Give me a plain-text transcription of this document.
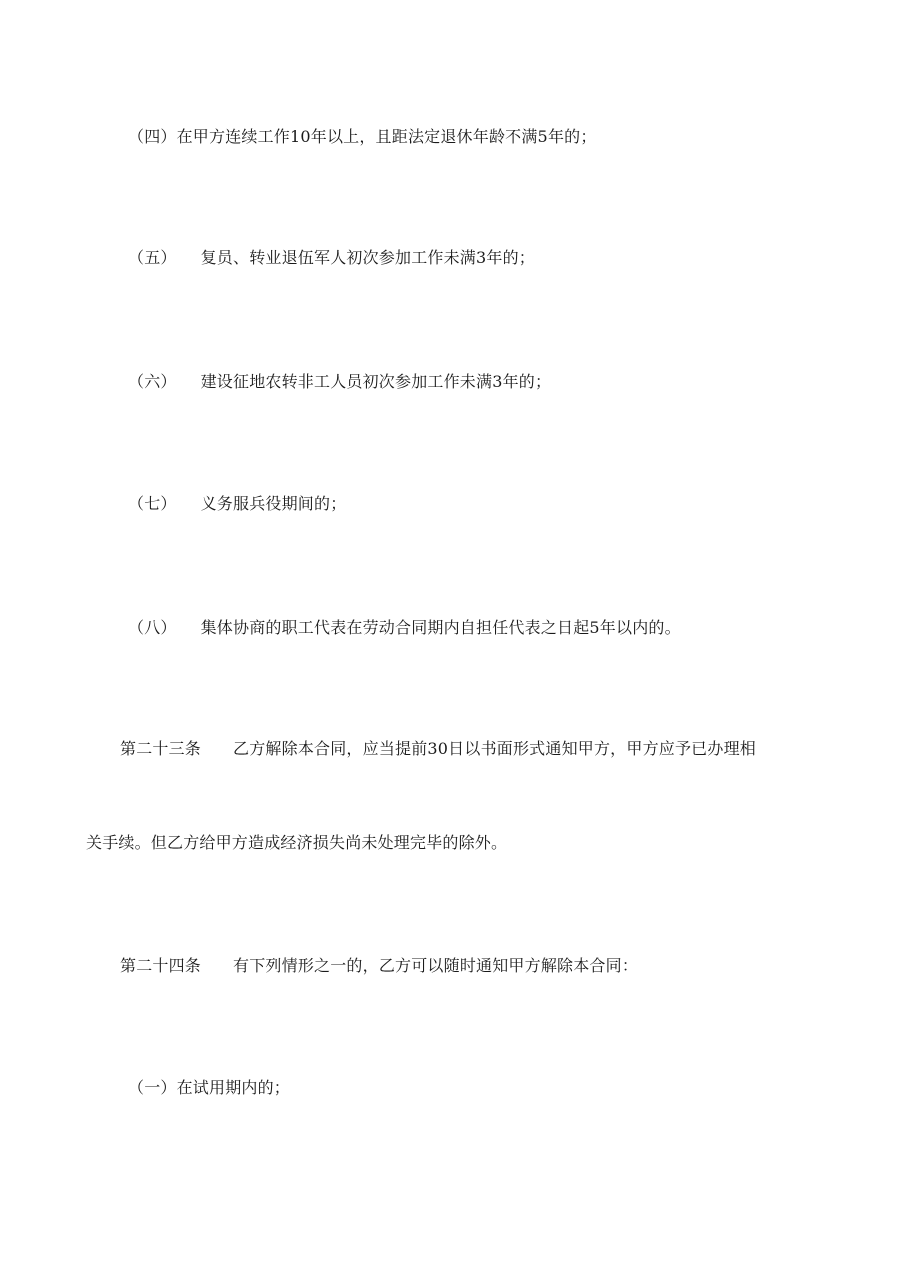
（四）在甲方连续工作10年以上，且距法定退休年龄不满5年的；
（五） 复员、转业退伍军人初次参加工作未满3年的；
（六） 建设征地农转非工人员初次参加工作未满3年的；
（七） 义务服兵役期间的；
（八） 集体协商的职工代表在劳动合同期内自担任代表之日起5年以内的。
第二十三条 乙方解除本合同，应当提前30日以书面形式通知甲方，甲方应予已办理相
关手续。但乙方给甲方造成经济损失尚未处理完毕的除外。
第二十四条 有下列情形之一的，乙方可以随时通知甲方解除本合同：
（一）在试用期内的；
